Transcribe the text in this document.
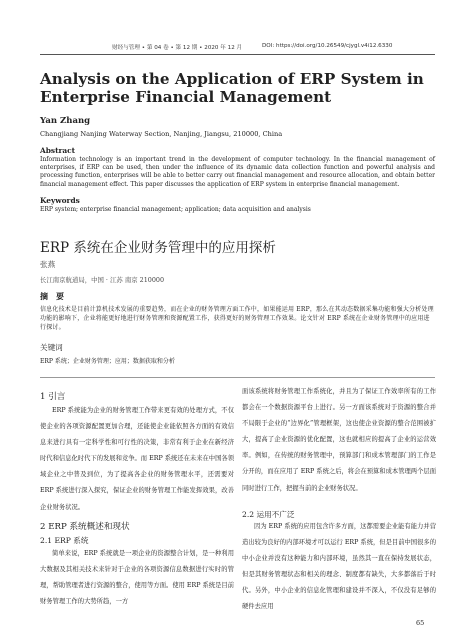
财经与管理 • 第 04 卷 • 第 12 期 • 2020 年 12 月	DOI: https://doi.org/10.26549/cjygl.v4i12.6330
Analysis on the Application of ERP System in Enterprise Financial Management
Yan Zhang
Changjiang Nanjing Waterway Section, Nanjing, Jiangsu, 210000, China
Abstract
Information technology is an important trend in the development of computer technology. In the financial management of enterprises, if ERP can be used, then under the influence of its dynamic data collection function and powerful analysis and processing function, enterprises will be able to better carry out financial management and resource allocation, and obtain better financial management effect. This paper discusses the application of ERP system in enterprise financial management.
Keywords
ERP system; enterprise financial management; application; data acquisition and analysis
ERP 系统在企业财务管理中的应用探析
张燕
长江南京航道局，中国 · 江苏 南京 210000
摘　要
信息化技术是目前计算机技术发展的重要趋势，而在企业的财务管理方面工作中，如果能运用 ERP，那么在其动态数据采集功能和强大分析处理功能的影响下，企业将能更好地进行财务管理和资源配置工作，获得更好的财务管理工作效果。论文针对 ERP 系统在企业财务管理中的应用进行探讨。
关键词
ERP 系统；企业财务管理；应用；数据获取和分析
1 引言
ERP 系统能为企业的财务管理工作带来更有效的处理方式，不仅使企业的各项资源配置更加合理，还能使企业能依照各方面的有效信息来进行具有一定科学性和可行性的决策，非常有利于企业在新经济时代和信息化时代下的发展和竞争。而 ERP 系统还在未来在中国各领域企业之中普及到位，为了提高各企业的财务管理水平，还需要对 ERP 系统进行深入探究，保证企业的财务管理工作能发挥效果，改善企业财务状况。
2 ERP 系统概述和现状
2.1 ERP 系统
简单来说，ERP 系统就是一项企业的资源整合计划，是一种利用大数据及其相关技术来针对于企业的各项资源信息数据进行实时的管理，帮助管理者进行资源的整合，使用等方面。使用 ERP 系统是目前财务管理工作的大势所趋，一方
面该系统将财务管理工作系统化，并且为了保证工作效率所有的工作都会在一个数据资源平台上进行。另一方面该系统对于资源的整合并不局限于企业的“边界化”管理框架，这也使企业资源的整合范围被扩大，提高了企业资源的优化配置，这也就相应的提高了企业的运营效率。例如，在传统的财务管理中，预算部门和成本管理部门的工作是分开的，而在应用了 ERP 系统之后，将会在预算和成本管理两个层面同时进行工作，把握当前的企业财务状况。
2.2 运用不广泛
因为 ERP 系统的应用包含许多方面，这都需要企业能有能力并营造出较为良好的内部环境才可以运行 ERP 系统，但是目前中国很多的中小企业并没有这种能力和内部环境，虽然其一直在保持发展状态，但是其财务管理状态和相关的理念、制度都有缺失，大多都落后于时代。另外，中小企业的信息化管理和建设并不深入，不仅没有足够的硬件去应用
65
